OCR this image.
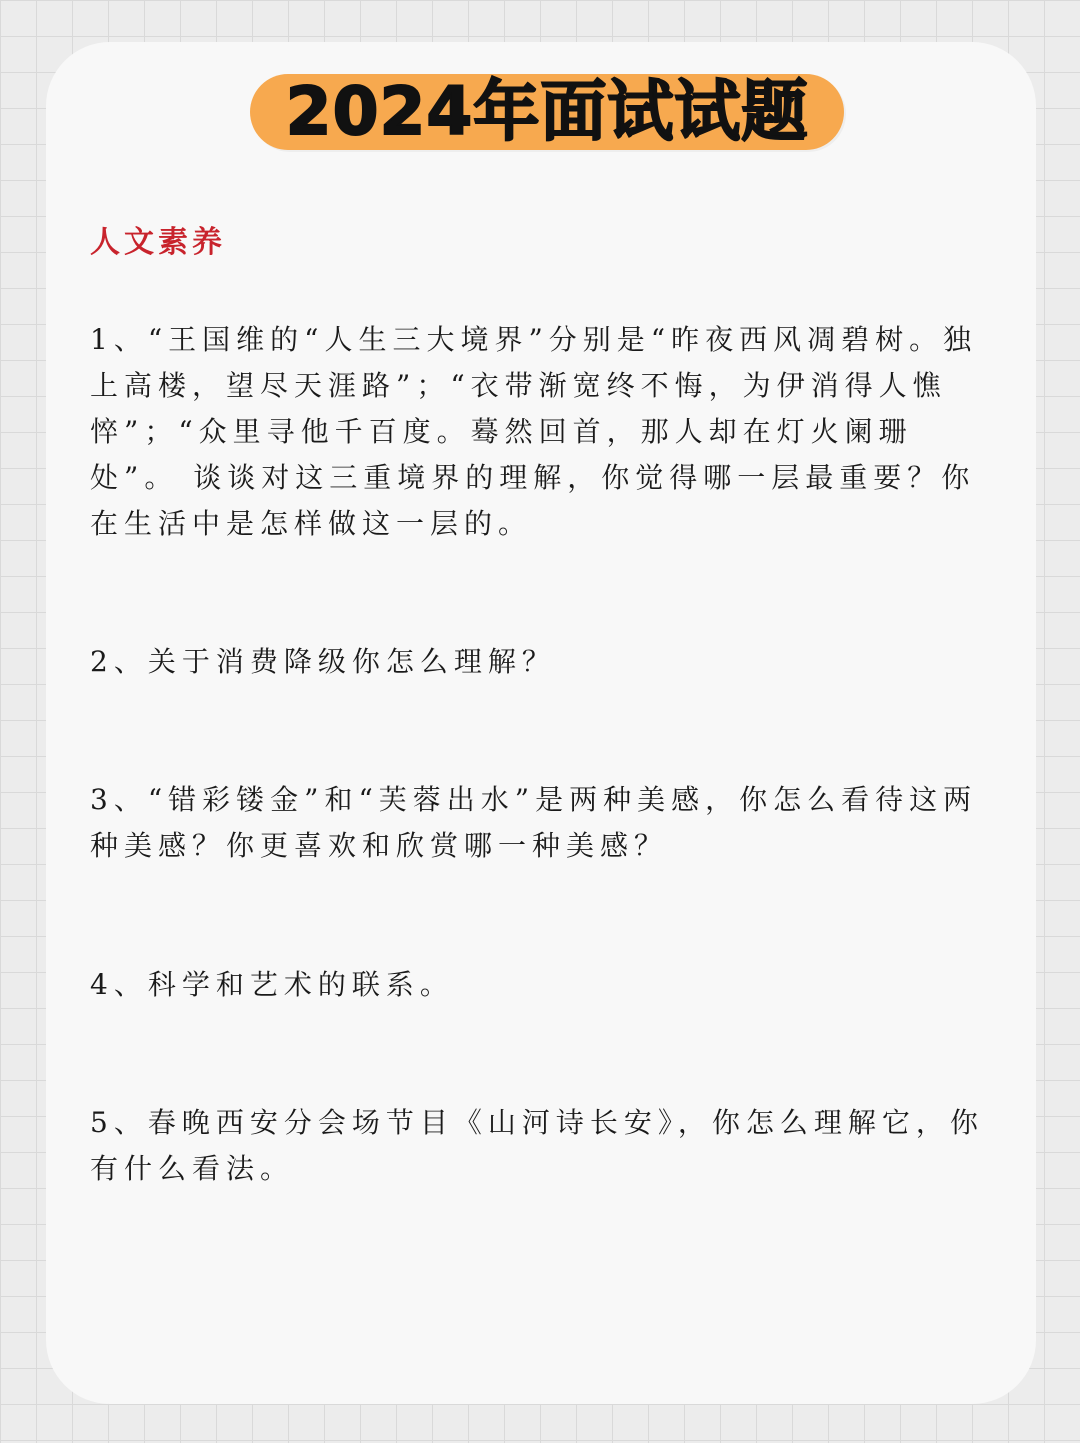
2024年面试试题
人文素养

1、“王国维的“人生三大境界”分别是“昨夜西风凋碧树。独上高楼，望尽天涯路”；“衣带渐宽终不悔，为伊消得人憔悴”；“众里寻他千百度。蓦然回首，那人却在灯火阑珊处”。 谈谈对这三重境界的理解，你觉得哪一层最重要？你在生活中是怎样做这一层的。

2、关于消费降级你怎么理解？

3、“错彩镂金”和“芙蓉出水”是两种美感，你怎么看待这两种美感？你更喜欢和欣赏哪一种美感？

4、科学和艺术的联系。

5、春晚西安分会场节目《山河诗长安》，你怎么理解它，你有什么看法。
